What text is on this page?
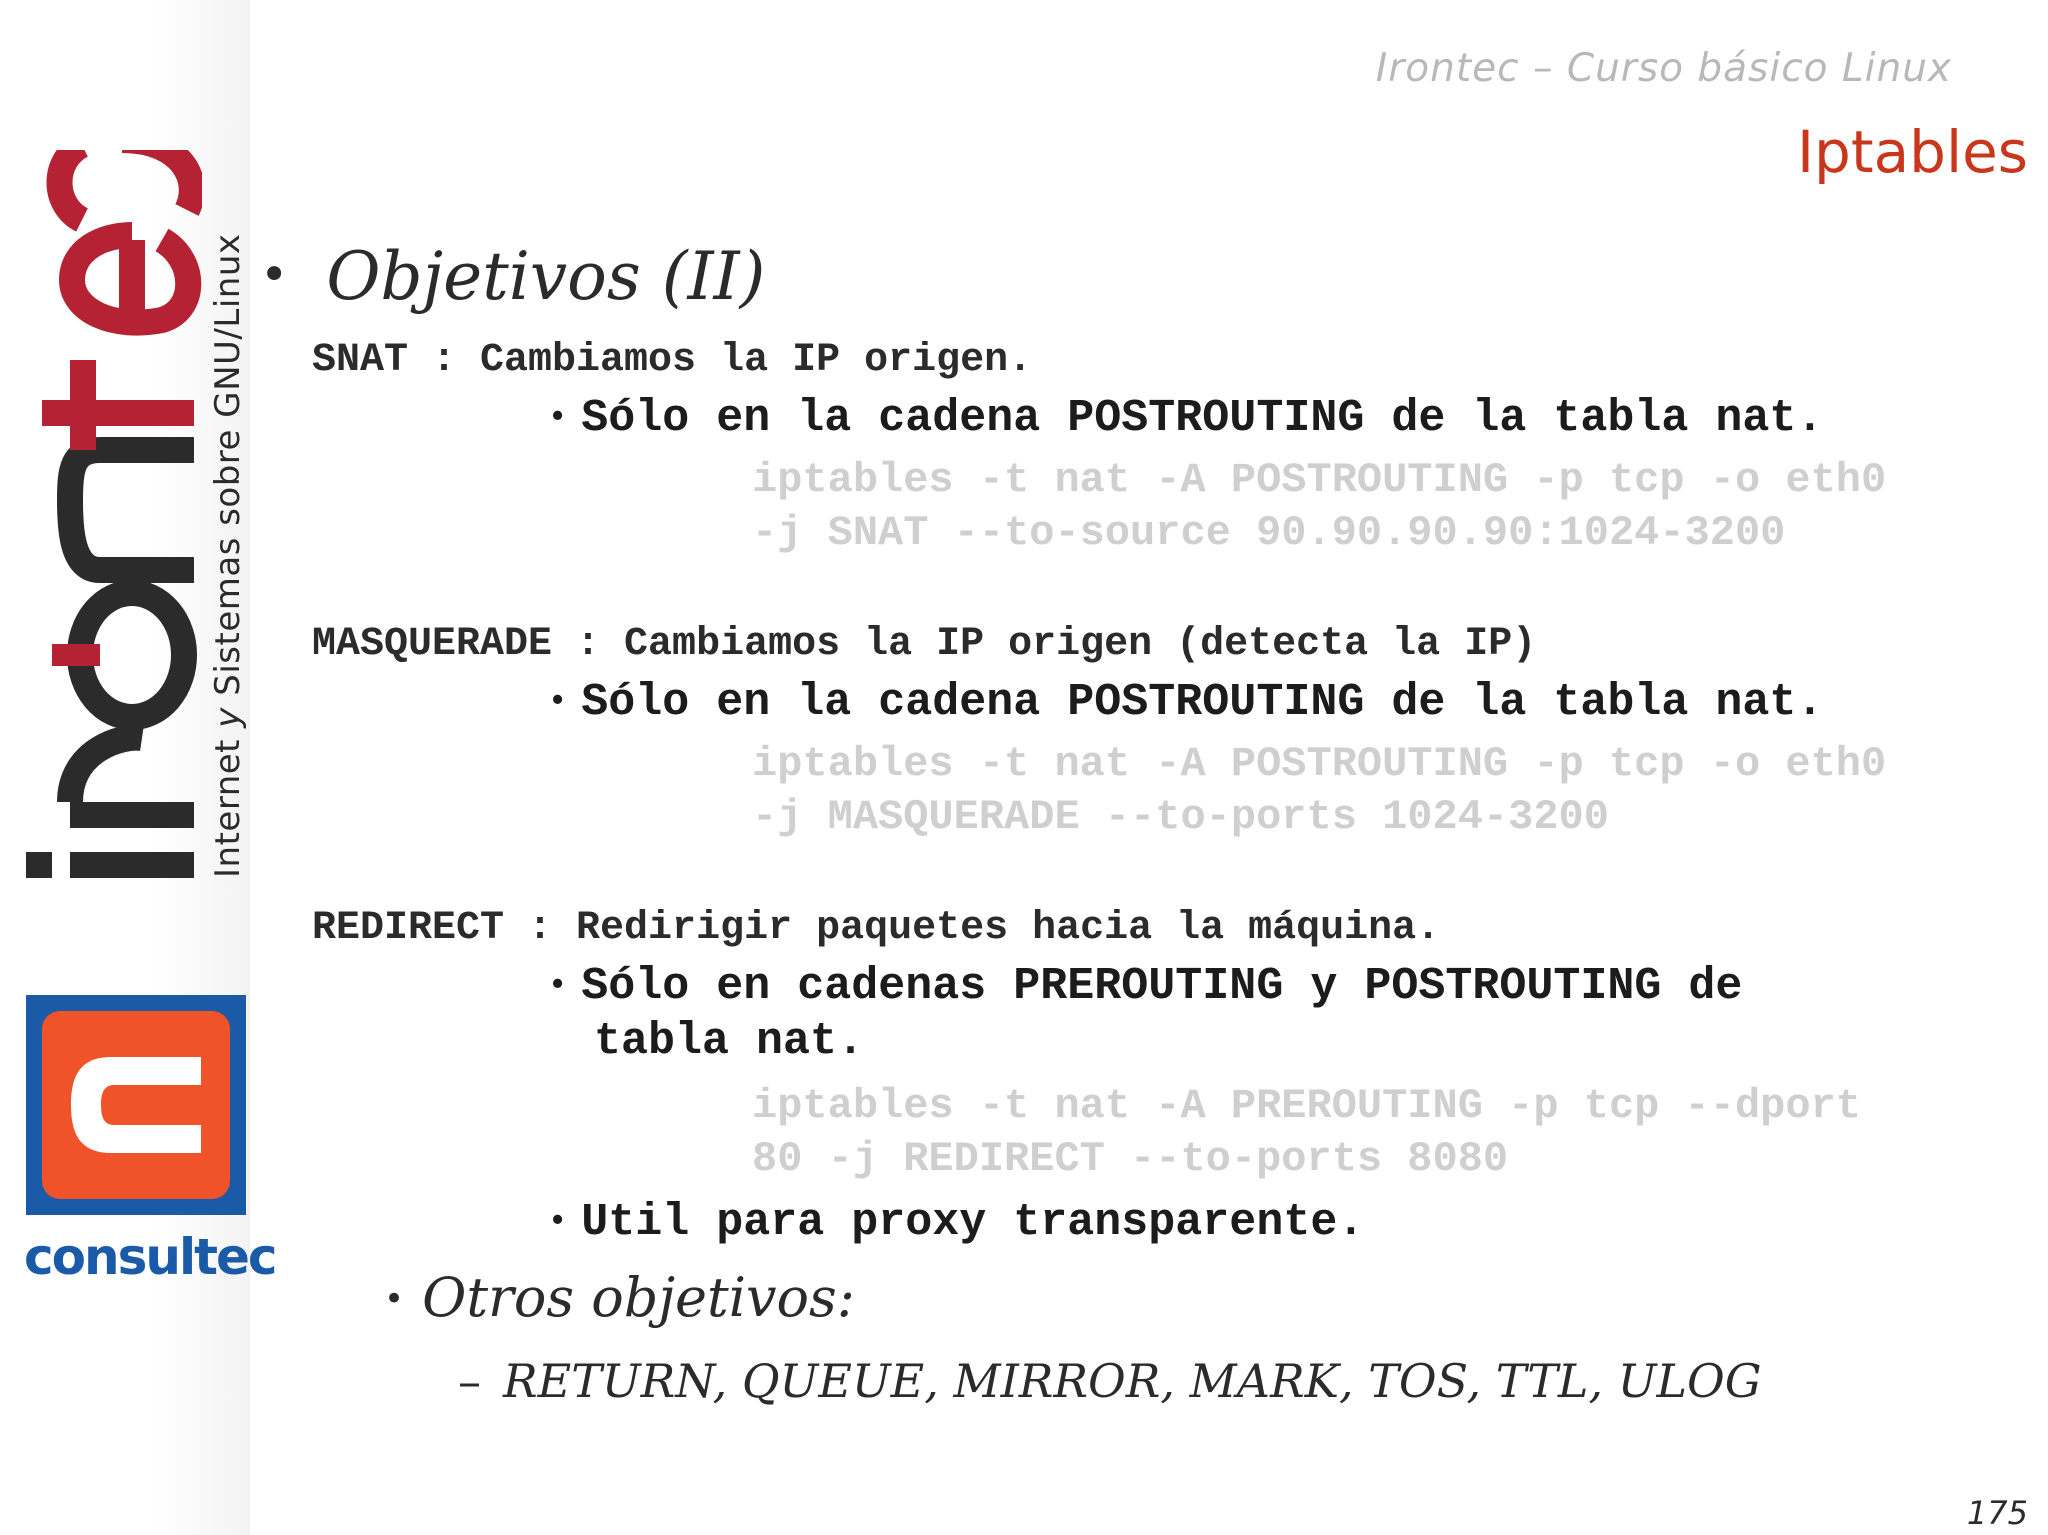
Internet y Sistemas sobre GNU/Linux
consultec
Irontec – Curso básico Linux
Iptables
• Objetivos (II)
SNAT : Cambiamos la IP origen.
• Sólo en la cadena POSTROUTING de la tabla nat.
iptables -t nat -A POSTROUTING -p tcp -o eth0
-j SNAT --to-source 90.90.90.90:1024-3200
MASQUERADE : Cambiamos la IP origen (detecta la IP)
• Sólo en la cadena POSTROUTING de la tabla nat.
iptables -t nat -A POSTROUTING -p tcp -o eth0
-j MASQUERADE --to-ports 1024-3200
REDIRECT : Redirigir paquetes hacia la máquina.
• Sólo en cadenas PREROUTING y POSTROUTING de
tabla nat.
iptables -t nat -A PREROUTING -p tcp --dport
80 -j REDIRECT --to-ports 8080
• Util para proxy transparente.
• Otros objetivos:
– RETURN, QUEUE, MIRROR, MARK, TOS, TTL, ULOG
175
